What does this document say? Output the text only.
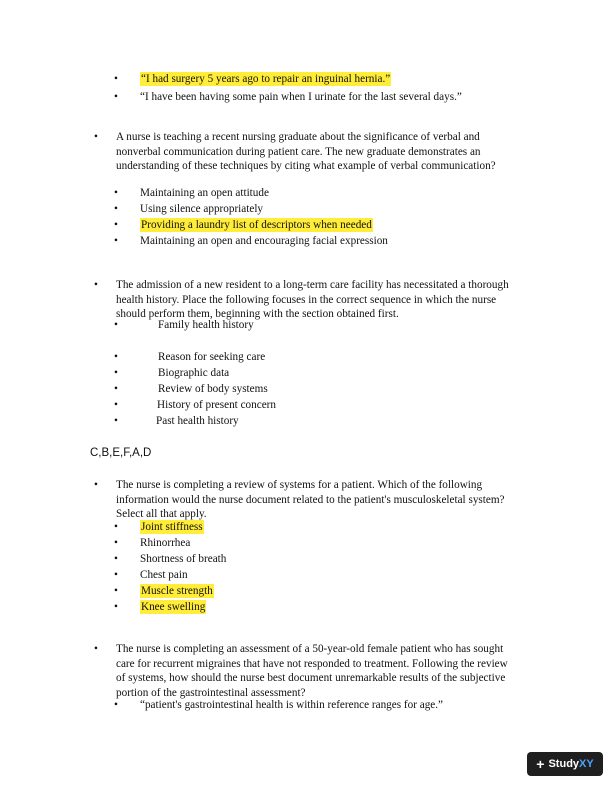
• “I had surgery 5 years ago to repair an inguinal hernia.”
• “I have been having some pain when I urinate for the last several days.”
• A nurse is teaching a recent nursing graduate about the significance of verbal and nonverbal communication during patient care. The new graduate demonstrates an understanding of these techniques by citing what example of verbal communication?
• Maintaining an open attitude
• Using silence appropriately
• Providing a laundry list of descriptors when needed
• Maintaining an open and encouraging facial expression
• The admission of a new resident to a long-term care facility has necessitated a thorough health history. Place the following focuses in the correct sequence in which the nurse should perform them, beginning with the section obtained first.
•	Family health history
•	Reason for seeking care
•	Biographic data
•	Review of body systems
•	History of present concern
•	Past health history
C,B,E,F,A,D
• The nurse is completing a review of systems for a patient. Which of the following information would the nurse document related to the patient's musculoskeletal system? Select all that apply.
• Joint stiffness
• Rhinorrhea
• Shortness of breath
• Chest pain
• Muscle strength
• Knee swelling
• The nurse is completing an assessment of a 50-year-old female patient who has sought care for recurrent migraines that have not responded to treatment. Following the review of systems, how should the nurse best document unremarkable results of the subjective portion of the gastrointestinal assessment?
• “patient's gastrointestinal health is within reference ranges for age.”
+ Study XY
